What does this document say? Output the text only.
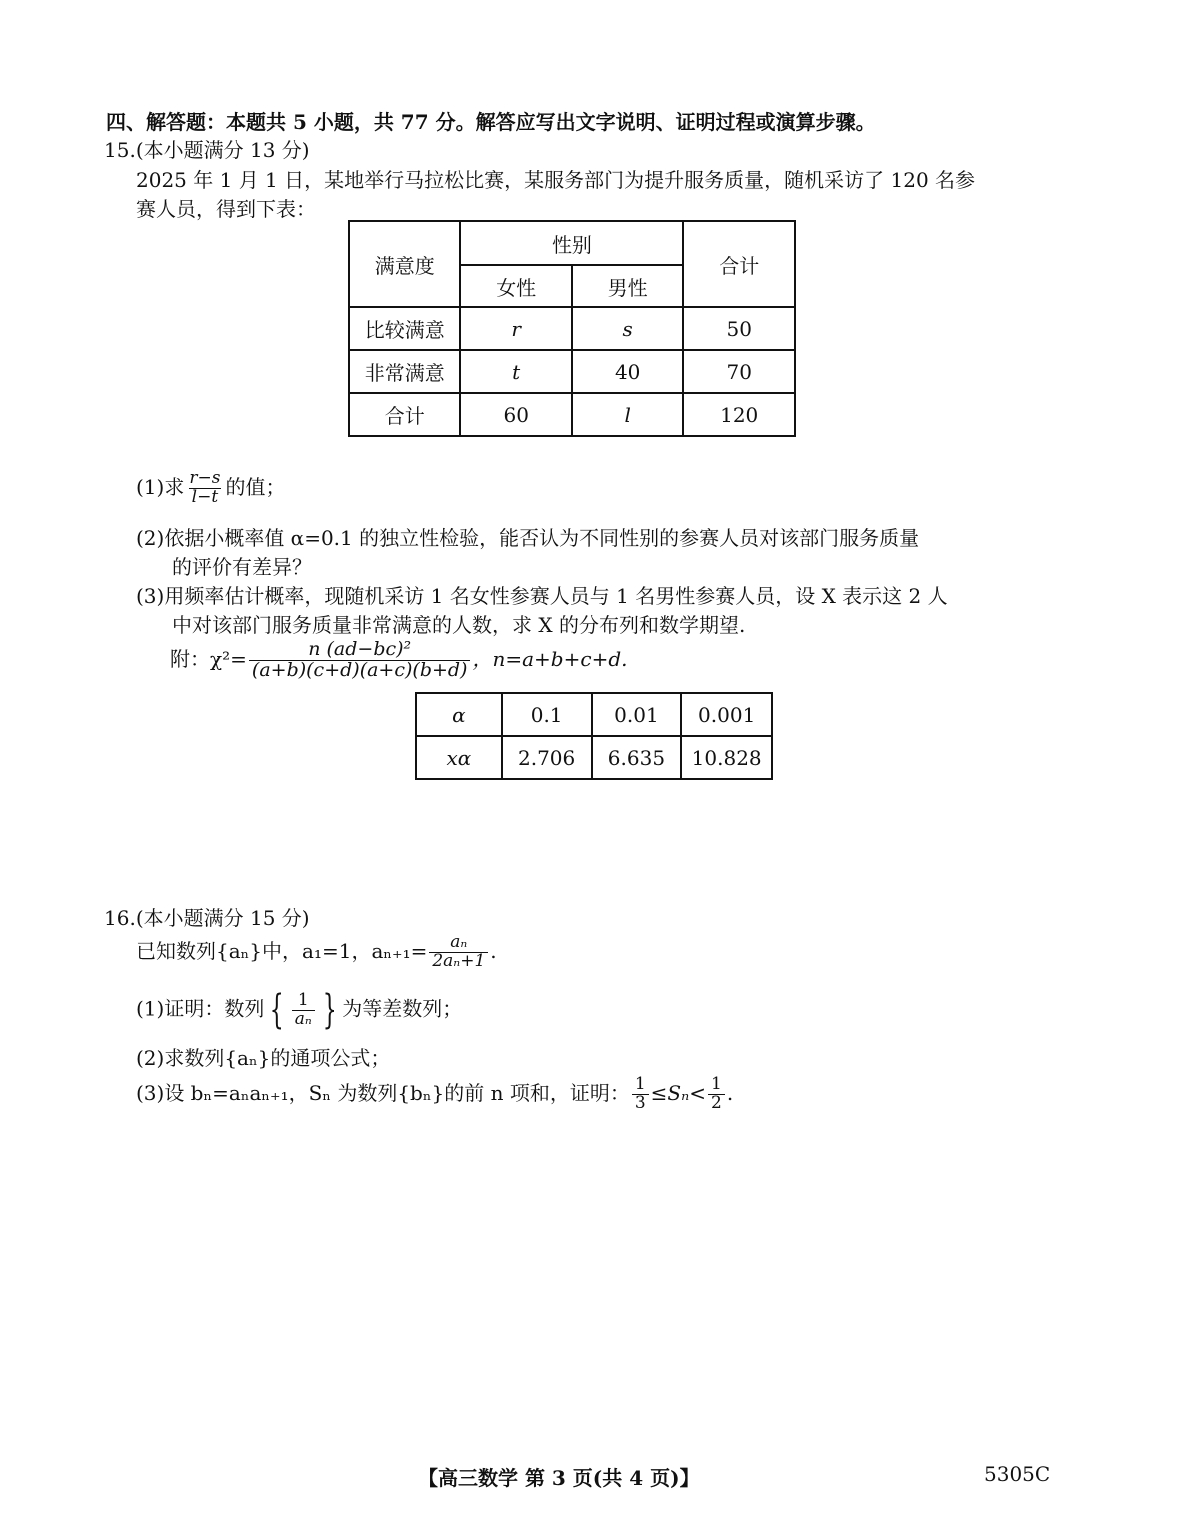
四、解答题：本题共 5 小题，共 77 分。解答应写出文字说明、证明过程或演算步骤。
15.(本小题满分 13 分)
2025 年 1 月 1 日，某地举行马拉松比赛，某服务部门为提升服务质量，随机采访了 120 名参
赛人员，得到下表：
满意度	性别		合计
	女性	男性	
比较满意	r	s	50
非常满意	t	40	70
合计	60	l	120
(1)求 $\frac{r-s}{l-t}$ 的值；
(2)依据小概率值 α=0.1 的独立性检验，能否认为不同性别的参赛人员对该部门服务质量
的评价有差异？
(3)用频率估计概率，现随机采访 1 名女性参赛人员与 1 名男性参赛人员，设 X 表示这 2 人
中对该部门服务质量非常满意的人数，求 X 的分布列和数学期望.
附：$\chi^2= \frac{\text{n (ad−bc)²}}{(a+b)(c+d)(a+c)(b+d)}$ ，n=a+b+c+d.
α	0.1	0.01	0.001
xα	2.706	6.635	10.828
16.(本小题满分 15 分)
已知数列{aₙ}中，a₁=1，$a_{n+1}= \frac{\text{aₙ}}{\text{2aₙ+1}}$ .
(1)证明：数列 { $\frac{1}{\text{aₙ}}$ } 为等差数列；
(2)求数列{aₙ}的通项公式；
(3)设 bₙ=aₙaₙ₊₁，Sₙ 为数列{bₙ}的前 n 项和，证明： $\frac{1}{3} \le S_n< \frac{1}{2}$ .
【高三数学 第 3 页(共 4 页)】	5305C
